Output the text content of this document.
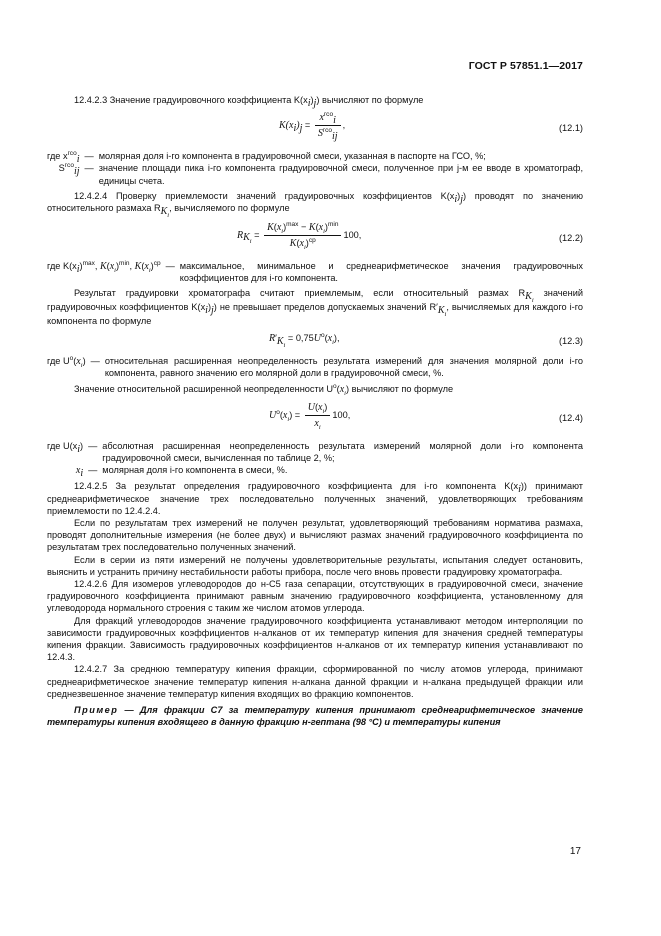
ГОСТ Р 57851.1—2017

12.4.2.3 Значение градуировочного коэффициента $K(x_i)_j$) вычисляют по формуле

$K(x_i)_j = \frac{x^{гсо}_i}{S^{гсо}_{ij}}$ ,	(12.1)
где $x^{гсо}_i$ — молярная доля i-го компонента в градуировочной смеси, указанная в паспорте на ГСО, %;
$S^{гсо}_{ij}$ — значение площади пика i-го компонента градуировочной смеси, полученное при j-м ее вводе в хроматограф, единицы счета.

12.4.2.4 Проверку приемлемости значений градуировочных коэффициентов $K(x_i)_j$) проводят по значению относительного размаха $R_{K_i}$, вычисляемого по формуле

$R_{K_i} = \frac{K(x_i)^{max} - K(x_i)^{min}}{K(x_i)^{ср}} 100$,	(12.2)
где $K(x_i)^{max}$, $K(x_i)^{min}$, $K(x_i)^{ср}$ — максимальное, минимальное и среднеарифметическое значения градуировочных коэффициентов для i-го компонента.

Результат градуировки хроматографа считают приемлемым, если относительный размах $R_{K_i}$ значений градуировочных коэффициентов $K(x_i)_j$) не превышает пределов допускаемых значений $R'_{K_i}$, вычисляемых для каждого i-го компонента по формуле

$R'_{K_i} = 0,75U^o(x_i)$,	(12.3)
где $U^o(x_i)$ — относительная расширенная неопределенность результата измерений для значения молярной доли i-го компонента, равного значению его молярной доли в градуировочной смеси, %.

Значение относительной расширенной неопределенности $U^o(x_i)$ вычисляют по формуле

$U^o(x_i) = \frac{U(x_i)}{x_i} 100$,	(12.4)
где $U(x_i)$ — абсолютная расширенная неопределенность результата измерений молярной доли i-го компонента градуировочной смеси, вычисленная по таблице 2, %;
$x_i$ — молярная доля i-го компонента в смеси, %.

12.4.2.5 За результат определения градуировочного коэффициента для i-го компонента $K(x_i)$) принимают среднеарифметическое значение трех последовательно полученных значений, удовлетворяющих требованиям приемлемости по 12.4.2.4.

Если по результатам трех измерений не получен результат, удовлетворяющий требованиям норматива размаха, проводят дополнительные измерения (не более двух) и вычисляют размах значений градуировочного коэффициента по результатам трех последовательно полученных значений.

Если в серии из пяти измерений не получены удовлетворительные результаты, испытания следует остановить, выяснить и устранить причину нестабильности работы прибора, после чего вновь провести градуировку хроматографа.

12.4.2.6 Для изомеров углеводородов до н-С5 газа сепарации, отсутствующих в градуировочной смеси, значение градуировочного коэффициента принимают равным значению градуировочного коэффициента, установленному для углеводорода нормального строения с таким же числом атомов углерода.

Для фракций углеводородов значение градуировочного коэффициента устанавливают методом интерполяции по зависимости градуировочных коэффициентов н-алканов от их температур кипения для значения средней температуры кипения фракции. Зависимость градуировочных коэффициентов н-алканов от их температур кипения устанавливают по 12.4.3.

12.4.2.7 За среднюю температуру кипения фракции, сформированной по числу атомов углерода, принимают среднеарифметическое значение температур кипения н-алкана данной фракции и н-алкана предыдущей фракции или среднезвешенное значение температур кипения входящих во фракцию компонентов.

Пример — Для фракции С7 за температуру кипения принимают среднеарифметическое значение температуры кипения входящего в данную фракцию н-гептана (98 °С) и температуры кипения

17
